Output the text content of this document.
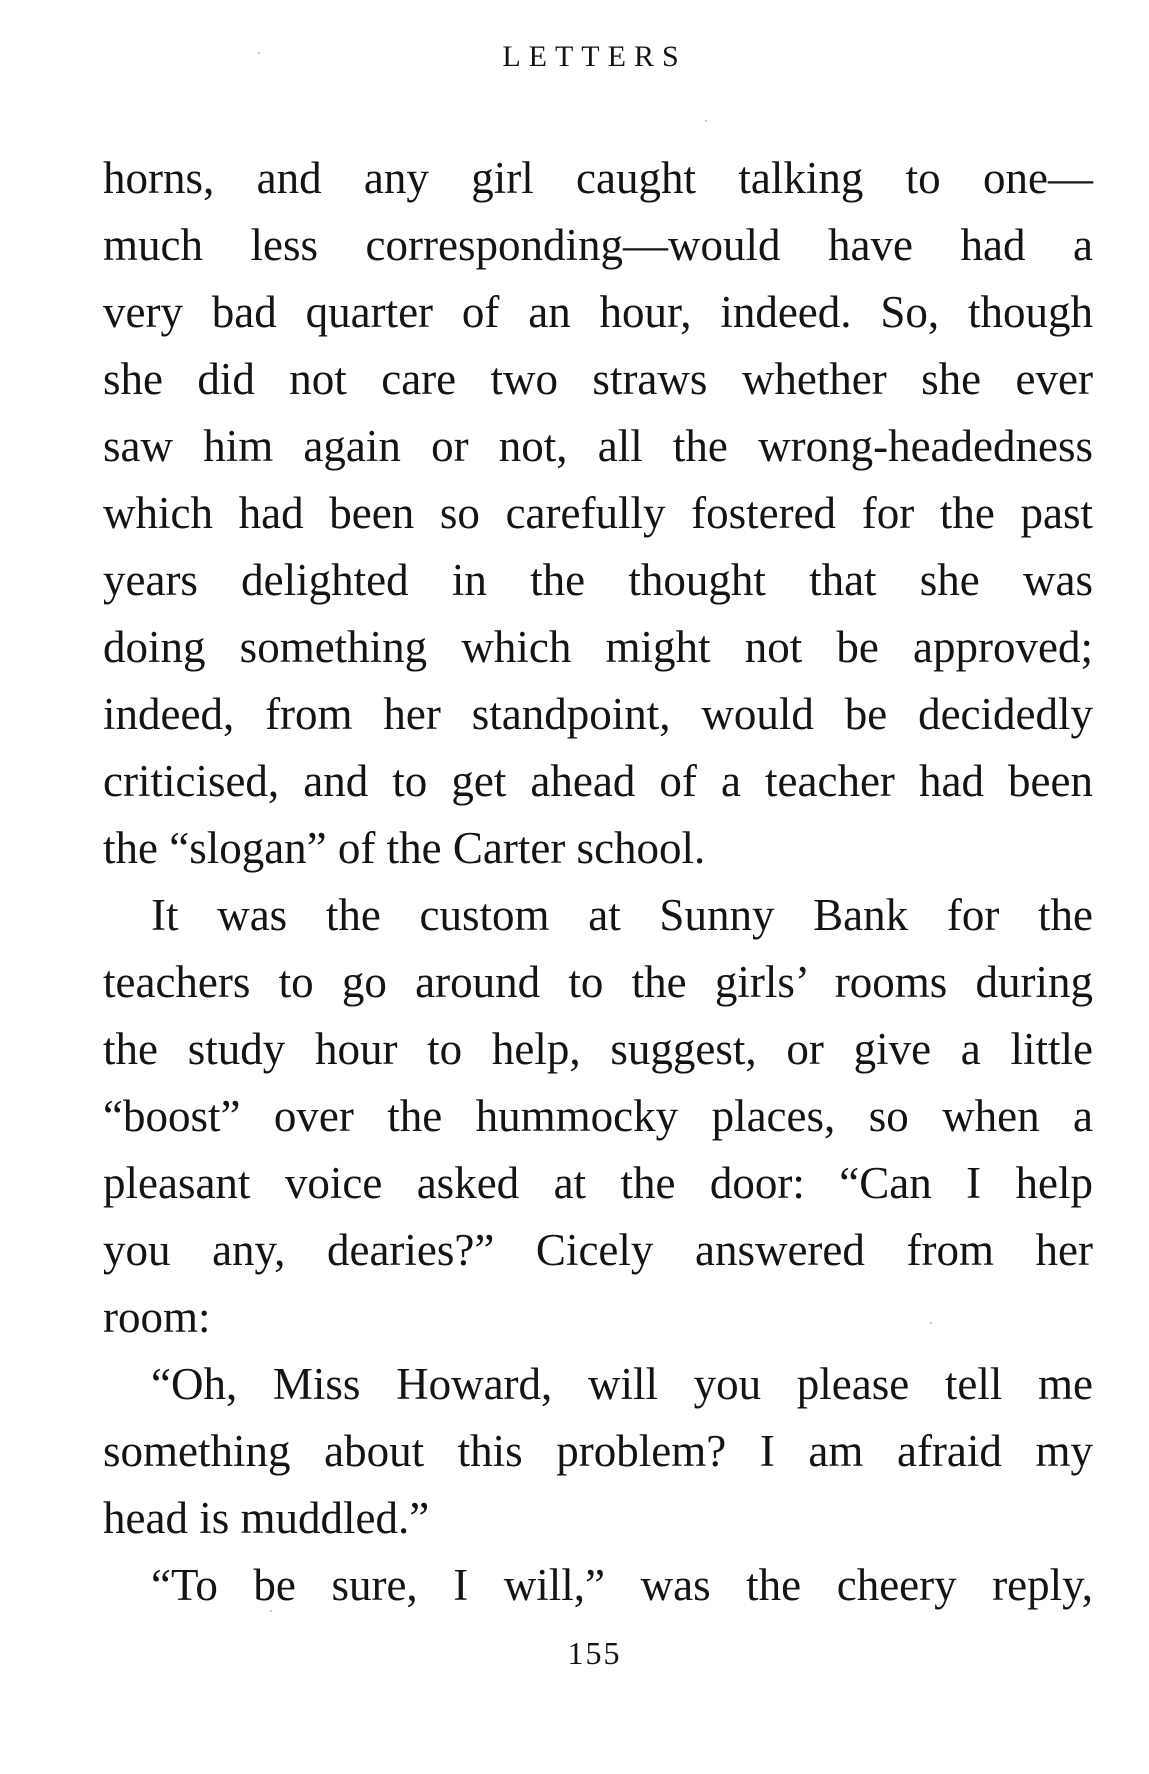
LETTERS
horns, and any girl caught talking to one—
much less corresponding—would have had a
very bad quarter of an hour, indeed. So, though
she did not care two straws whether she ever
saw him again or not, all the wrong-headedness
which had been so carefully fostered for the past
years delighted in the thought that she was
doing something which might not be approved;
indeed, from her standpoint, would be decidedly
criticised, and to get ahead of a teacher had been
the “slogan” of the Carter school.
It was the custom at Sunny Bank for the
teachers to go around to the girls’ rooms during
the study hour to help, suggest, or give a little
“boost” over the hummocky places, so when a
pleasant voice asked at the door: “Can I help
you any, dearies?” Cicely answered from her
room:
“Oh, Miss Howard, will you please tell me
something about this problem? I am afraid my
head is muddled.”
“To be sure, I will,” was the cheery reply,
155
